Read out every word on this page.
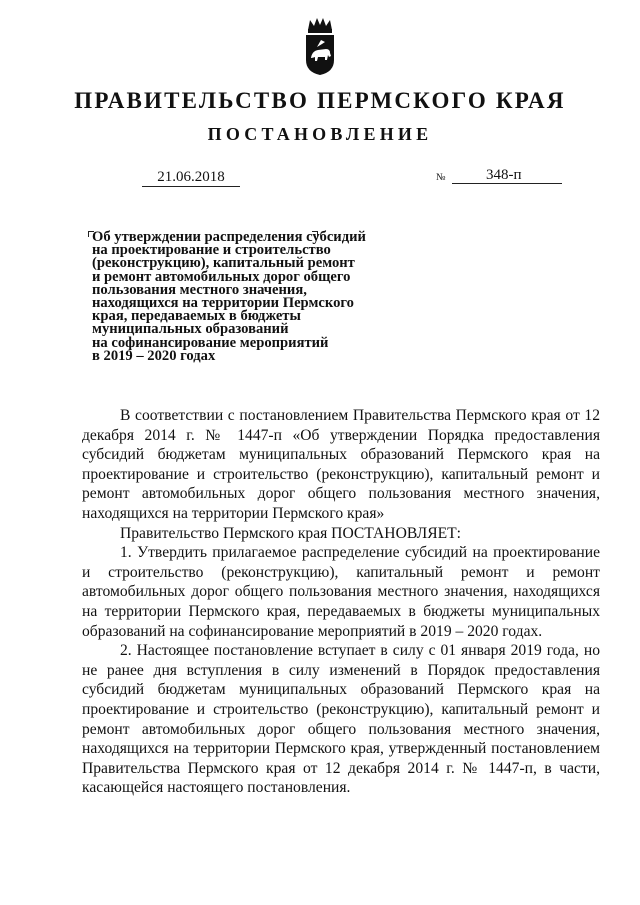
ПРАВИТЕЛЬСТВО ПЕРМСКОГО КРАЯ
ПОСТАНОВЛЕНИЕ
21.06.2018	№	348-п
Об утверждении распределения субсидий
на проектирование и строительство
(реконструкцию), капитальный ремонт
и ремонт автомобильных дорог общего
пользования местного значения,
находящихся на территории Пермского
края, передаваемых в бюджеты
муниципальных образований
на софинансирование мероприятий
в 2019 – 2020 годах

В соответствии с постановлением Правительства Пермского края от 12 декабря 2014 г. № 1447-п «Об утверждении Порядка предоставления субсидий бюджетам муниципальных образований Пермского края на проектирование и строительство (реконструкцию), капитальный ремонт и ремонт автомобильных дорог общего пользования местного значения, находящихся на территории Пермского края»

Правительство Пермского края ПОСТАНОВЛЯЕТ:

1. Утвердить прилагаемое распределение субсидий на проектирование и строительство (реконструкцию), капитальный ремонт и ремонт автомобильных дорог общего пользования местного значения, находящихся на территории Пермского края, передаваемых в бюджеты муниципальных образований на софинансирование мероприятий в 2019 – 2020 годах.

2. Настоящее постановление вступает в силу с 01 января 2019 года, но не ранее дня вступления в силу изменений в Порядок предоставления субсидий бюджетам муниципальных образований Пермского края на проектирование и строительство (реконструкцию), капитальный ремонт и ремонт автомобильных дорог общего пользования местного значения, находящихся на территории Пермского края, утвержденный постановлением Правительства Пермского края от 12 декабря 2014 г. № 1447-п, в части, касающейся настоящего постановления.
